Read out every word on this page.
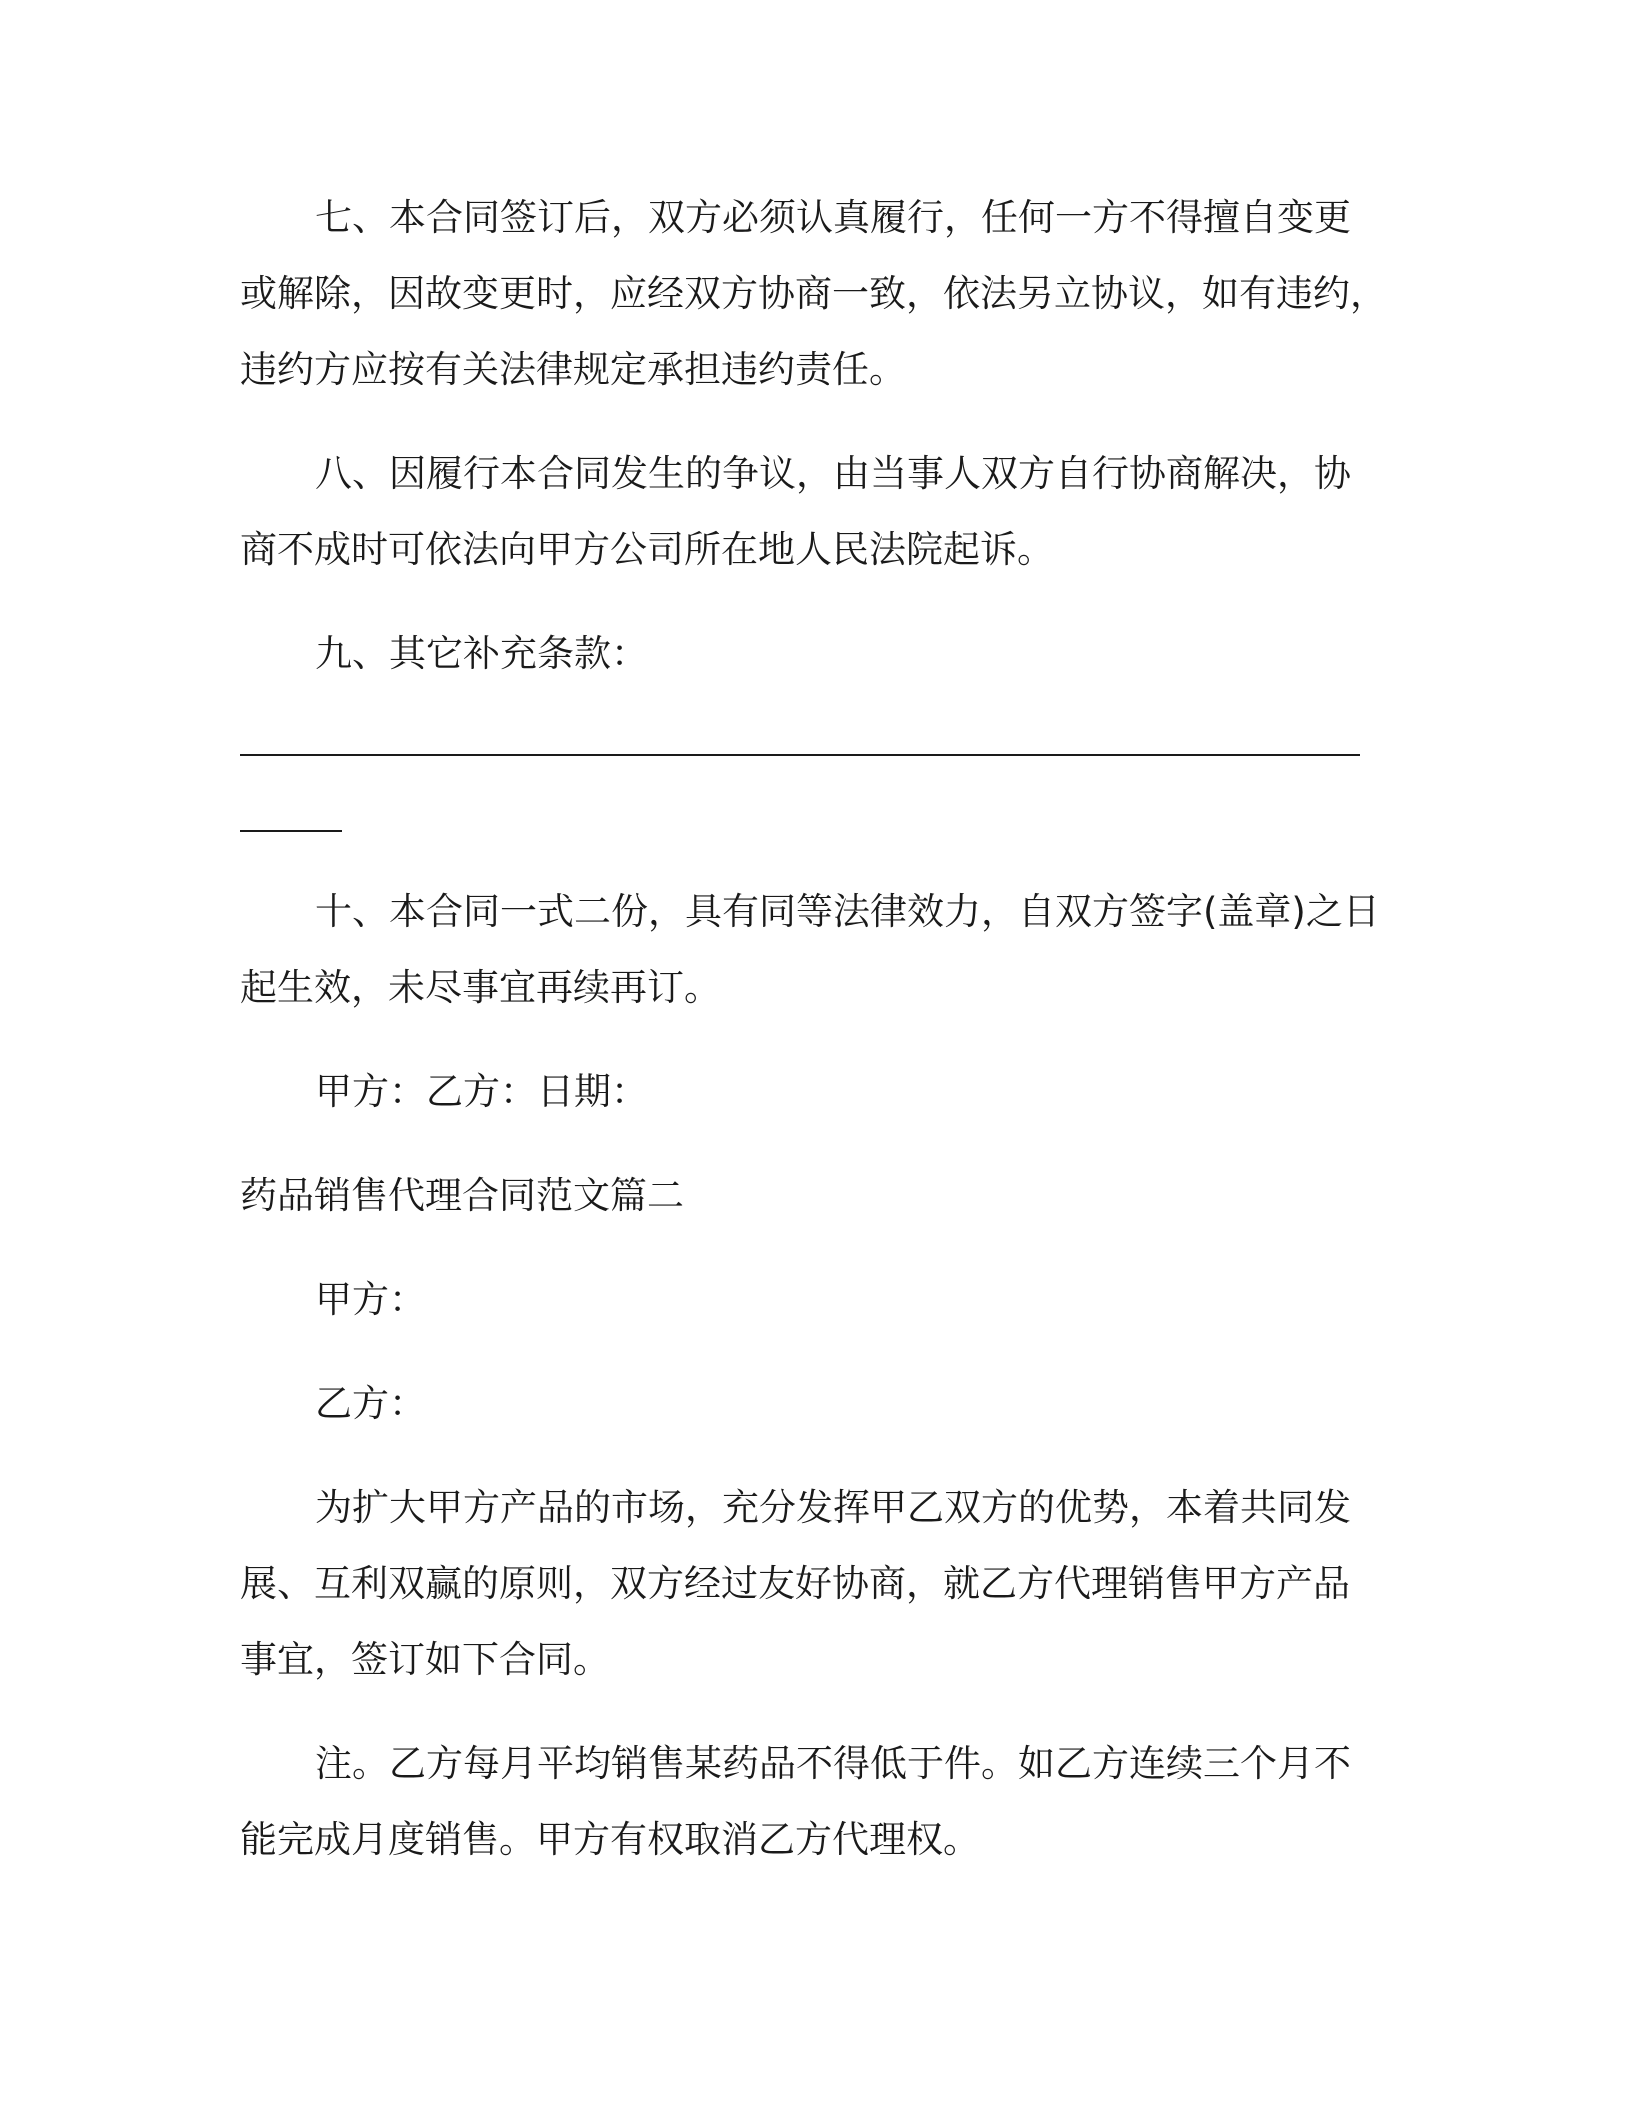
七、本合同签订后，双方必须认真履行，任何一方不得擅自变更
或解除，因故变更时，应经双方协商一致，依法另立协议，如有违约，
违约方应按有关法律规定承担违约责任。
八、因履行本合同发生的争议，由当事人双方自行协商解决，协
商不成时可依法向甲方公司所在地人民法院起诉。
九、其它补充条款：
十、本合同一式二份，具有同等法律效力，自双方签字(盖章)之日
起生效，未尽事宜再续再订。
甲方：乙方：日期：
药品销售代理合同范文篇二
甲方：
乙方：
为扩大甲方产品的市场，充分发挥甲乙双方的优势，本着共同发
展、互利双赢的原则，双方经过友好协商，就乙方代理销售甲方产品
事宜，签订如下合同。
注。乙方每月平均销售某药品不得低于件。如乙方连续三个月不
能完成月度销售。甲方有权取消乙方代理权。
